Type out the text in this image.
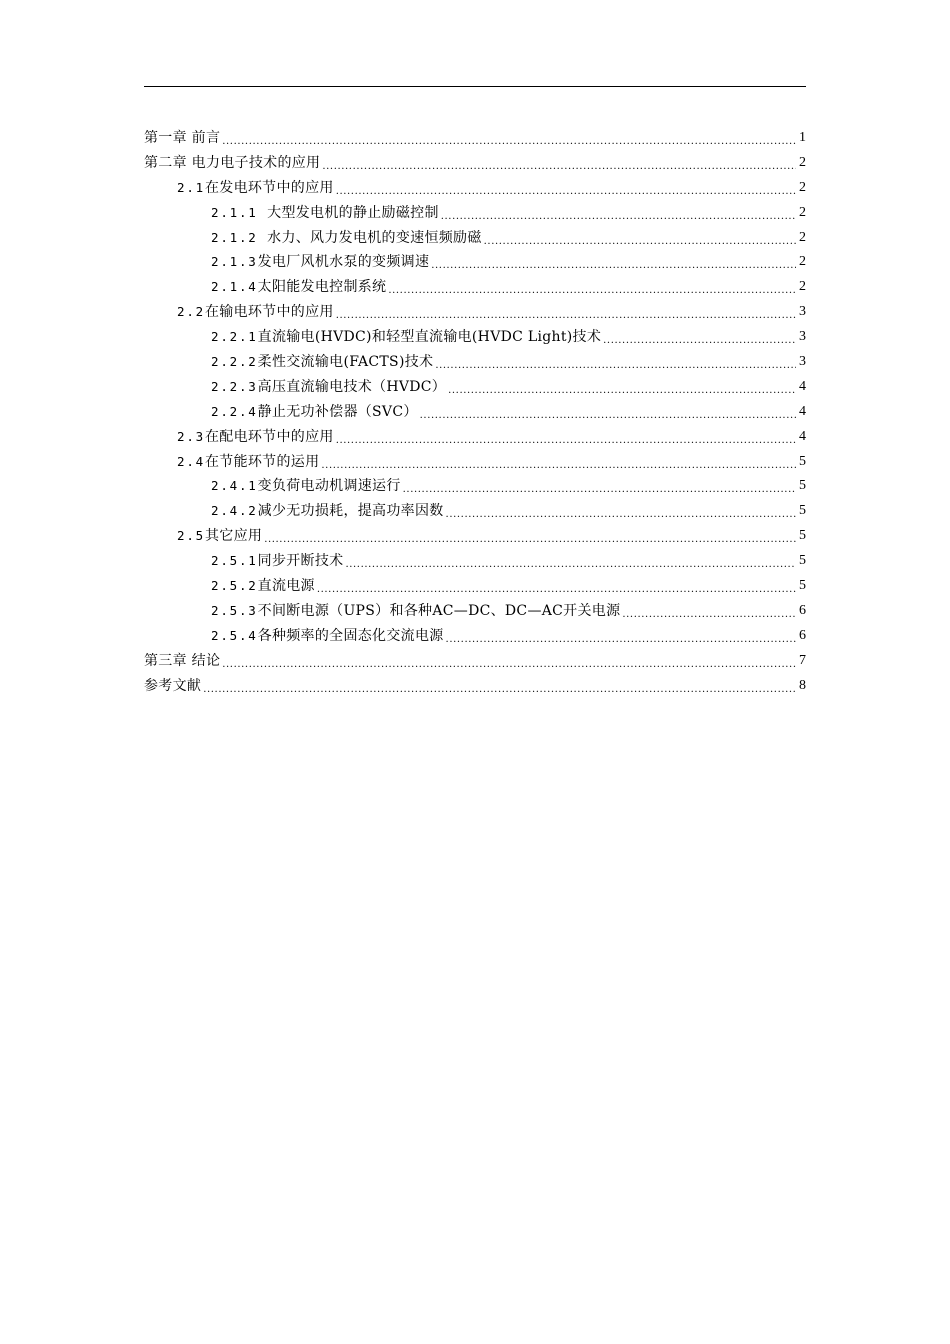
第一章 前言 .....	1
第二章 电力电子技术的应用 .....	2
2.1在发电环节中的应用 .....	2
2.1.1  大型发电机的静止励磁控制 .....	2
2.1.2  水力、风力发电机的变速恒频励磁 .....	2
2.1.3发电厂风机水泵的变频调速 .....	2
2.1.4太阳能发电控制系统 .....	2
2.2在输电环节中的应用 .....	3
2.2.1直流输电(HVDC)和轻型直流输电(HVDC Light)技术 .....	3
2.2.2柔性交流输电(FACTS)技术 .....	3
2.2.3高压直流输电技术（HVDC） .....	4
2.2.4静止无功补偿器（SVC） .....	4
2.3在配电环节中的应用 .....	4
2.4在节能环节的运用 .....	5
2.4.1变负荷电动机调速运行 .....	5
2.4.2减少无功损耗，提高功率因数 .....	5
2.5其它应用 .....	5
2.5.1同步开断技术 .....	5
2.5.2直流电源 .....	5
2.5.3不间断电源（UPS）和各种AC—DC、DC—AC开关电源 .....	6
2.5.4各种频率的全固态化交流电源 .....	6
第三章 结论 .....	7
参考文献 .....	8
